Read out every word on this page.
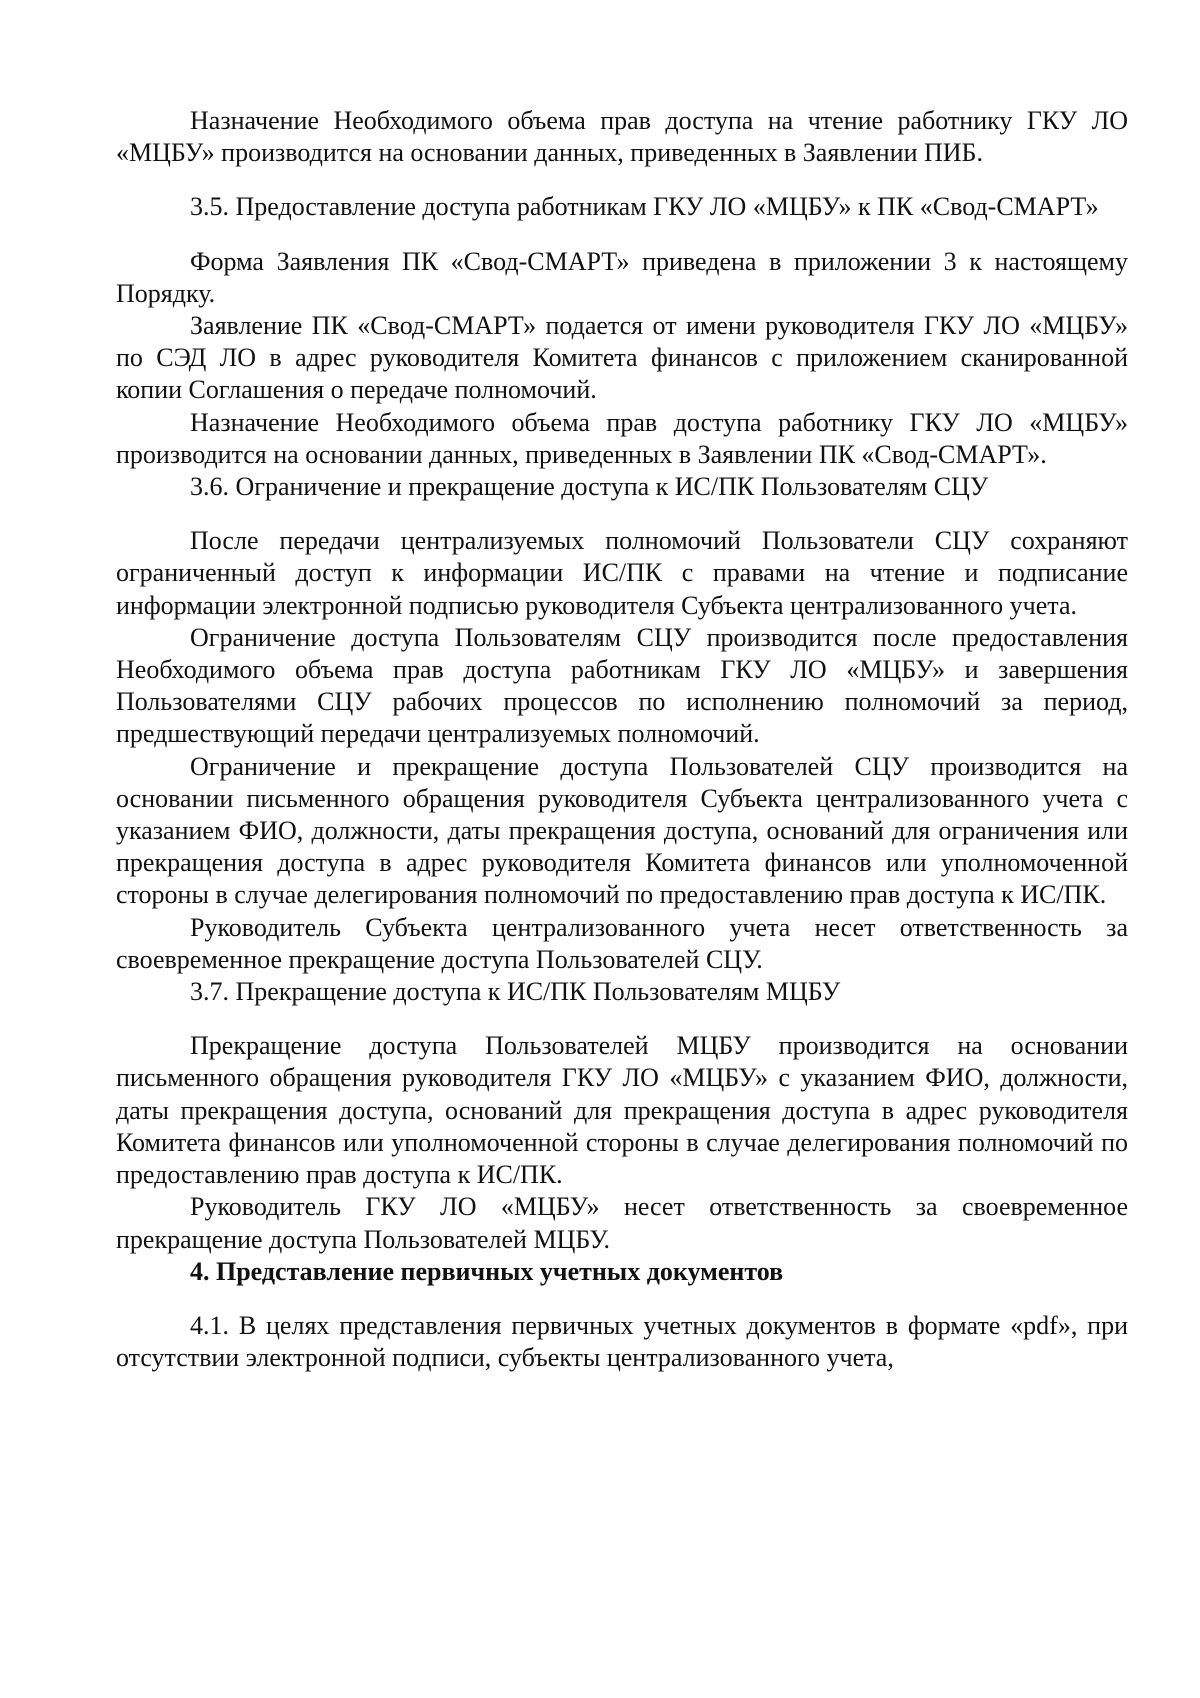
Назначение Необходимого объема прав доступа на чтение работнику ГКУ ЛО «МЦБУ» производится на основании данных, приведенных в Заявлении ПИБ.

3.5. Предоставление доступа работникам ГКУ ЛО «МЦБУ» к ПК «Свод-СМАРТ»

Форма Заявления ПК «Свод-СМАРТ» приведена в приложении 3 к настоящему Порядку.

Заявление ПК «Свод-СМАРТ» подается от имени руководителя ГКУ ЛО «МЦБУ» по СЭД ЛО в адрес руководителя Комитета финансов с приложением сканированной копии Соглашения о передаче полномочий.

Назначение Необходимого объема прав доступа работнику ГКУ ЛО «МЦБУ» производится на основании данных, приведенных в Заявлении ПК «Свод-СМАРТ».

3.6. Ограничение и прекращение доступа к ИС/ПК Пользователям СЦУ

После передачи централизуемых полномочий Пользователи СЦУ сохраняют ограниченный доступ к информации ИС/ПК с правами на чтение и подписание информации электронной подписью руководителя Субъекта централизованного учета.

Ограничение доступа Пользователям СЦУ производится после предоставления Необходимого объема прав доступа работникам ГКУ ЛО «МЦБУ» и завершения Пользователями СЦУ рабочих процессов по исполнению полномочий за период, предшествующий передачи централизуемых полномочий.

Ограничение и прекращение доступа Пользователей СЦУ производится на основании письменного обращения руководителя Субъекта централизованного учета с указанием ФИО, должности, даты прекращения доступа, оснований для ограничения или прекращения доступа в адрес руководителя Комитета финансов или уполномоченной стороны в случае делегирования полномочий по предоставлению прав доступа к ИС/ПК.

Руководитель Субъекта централизованного учета несет ответственность за своевременное прекращение доступа Пользователей СЦУ.

3.7. Прекращение доступа к ИС/ПК Пользователям МЦБУ

Прекращение доступа Пользователей МЦБУ производится на основании письменного обращения руководителя ГКУ ЛО «МЦБУ» с указанием ФИО, должности, даты прекращения доступа, оснований для прекращения доступа в адрес руководителя Комитета финансов или уполномоченной стороны в случае делегирования полномочий по предоставлению прав доступа к ИС/ПК.

Руководитель ГКУ ЛО «МЦБУ» несет ответственность за своевременное прекращение доступа Пользователей МЦБУ.

4. Представление первичных учетных документов

4.1. В целях представления первичных учетных документов в формате «pdf», при отсутствии электронной подписи, субъекты централизованного учета,
